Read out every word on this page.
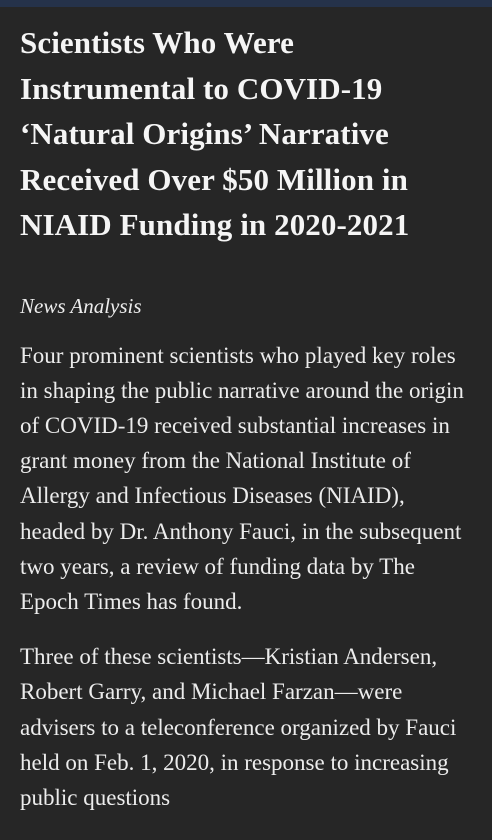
Scientists Who Were Instrumental to COVID-19 ‘Natural Origins’ Narrative Received Over $50 Million in NIAID Funding in 2020-2021

News Analysis

Four prominent scientists who played key roles in shaping the public narrative around the origin of COVID-19 received substantial increases in grant money from the National Institute of Allergy and Infectious Diseases (NIAID), headed by Dr. Anthony Fauci, in the subsequent two years, a review of funding data by The Epoch Times has found.

Three of these scientists—Kristian Andersen, Robert Garry, and Michael Farzan—were advisers to a teleconference organized by Fauci held on Feb. 1, 2020, in response to increasing public questions
